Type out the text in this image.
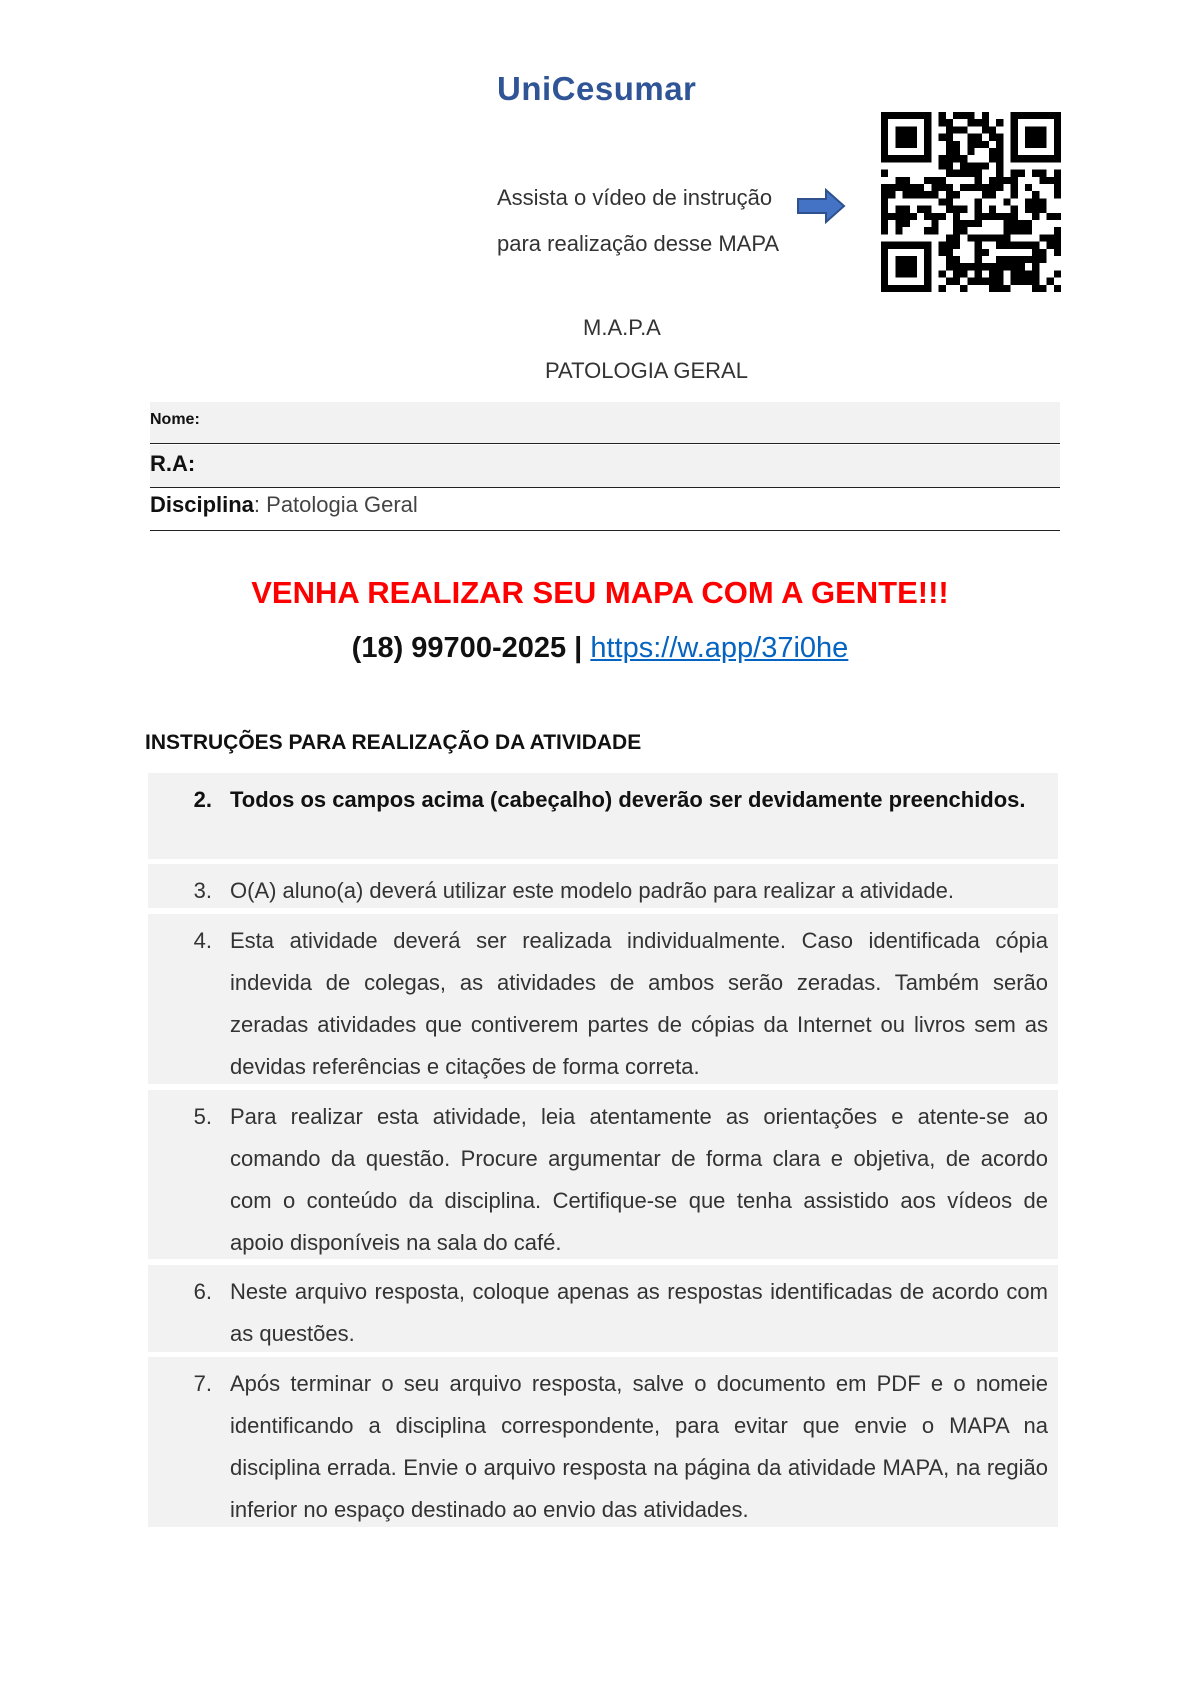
UniCesumar
Assista o vídeo de instrução
para realização desse MAPA
M.A.P.A
PATOLOGIA GERAL
Nome:
R.A:
Disciplina: Patologia Geral
VENHA REALIZAR SEU MAPA COM A GENTE!!!
(18) 99700-2025 | https://w.app/37i0he
INSTRUÇÕES PARA REALIZAÇÃO DA ATIVIDADE
2. Todos os campos acima (cabeçalho) deverão ser devidamente preenchidos.
3. O(A) aluno(a) deverá utilizar este modelo padrão para realizar a atividade.
4. Esta atividade deverá ser realizada individualmente. Caso identificada cópia indevida de colegas, as atividades de ambos serão zeradas. Também serão zeradas atividades que contiverem partes de cópias da Internet ou livros sem as devidas referências e citações de forma correta.
5. Para realizar esta atividade, leia atentamente as orientações e atente-se ao comando da questão. Procure argumentar de forma clara e objetiva, de acordo com o conteúdo da disciplina. Certifique-se que tenha assistido aos vídeos de apoio disponíveis na sala do café.
6. Neste arquivo resposta, coloque apenas as respostas identificadas de acordo com as questões.
7. Após terminar o seu arquivo resposta, salve o documento em PDF e o nomeie identificando a disciplina correspondente, para evitar que envie o MAPA na disciplina errada. Envie o arquivo resposta na página da atividade MAPA, na região inferior no espaço destinado ao envio das atividades.
